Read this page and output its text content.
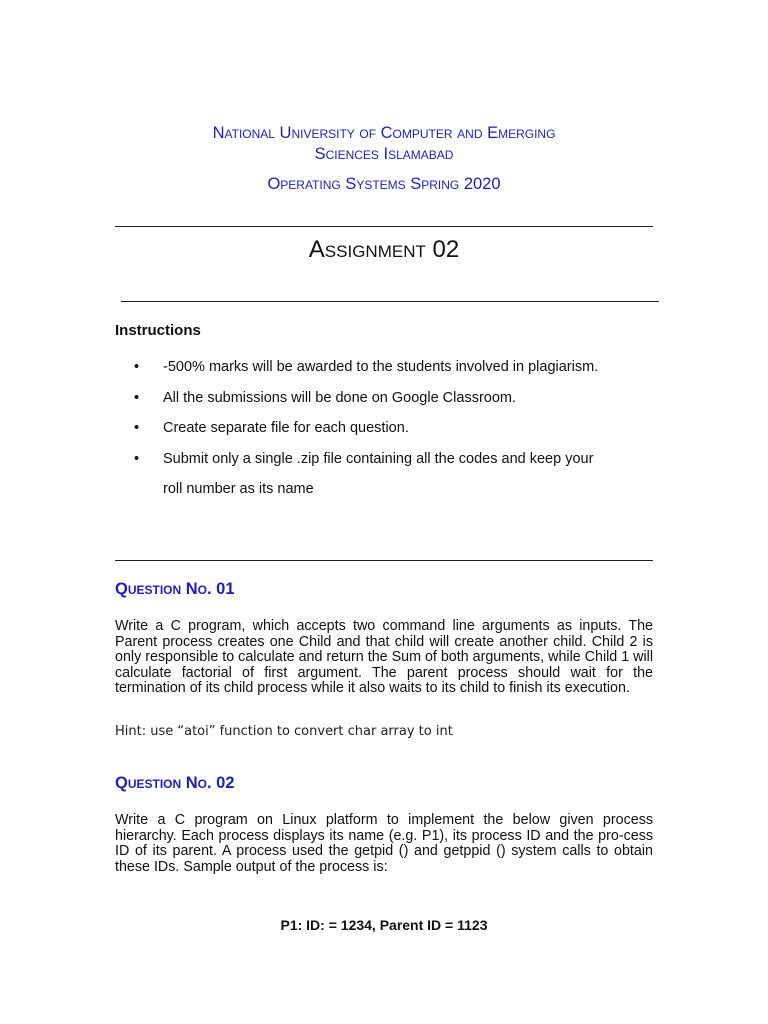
National University of Computer and Emerging
Sciences Islamabad
Operating Systems Spring 2020
Assignment 02
Instructions
• -500% marks will be awarded to the students involved in plagiarism.
• All the submissions will be done on Google Classroom.
• Create separate file for each question.
• Submit only a single .zip file containing all the codes and keep your roll number as its name
Question No. 01

Write a C program, which accepts two command line arguments as inputs. The Parent process creates one Child and that child will create another child. Child 2 is only responsible to calculate and return the Sum of both arguments, while Child 1 will calculate factorial of first argument. The parent process should wait for the termination of its child process while it also waits to its child to finish its execution.

Hint: use “atoi” function to convert char array to int
Question No. 02

Write a C program on Linux platform to implement the below given process hierarchy. Each process displays its name (e.g. P1), its process ID and the pro-cess ID of its parent. A process used the getpid () and getppid () system calls to obtain these IDs. Sample output of the process is:

P1: ID: = 1234, Parent ID = 1123
